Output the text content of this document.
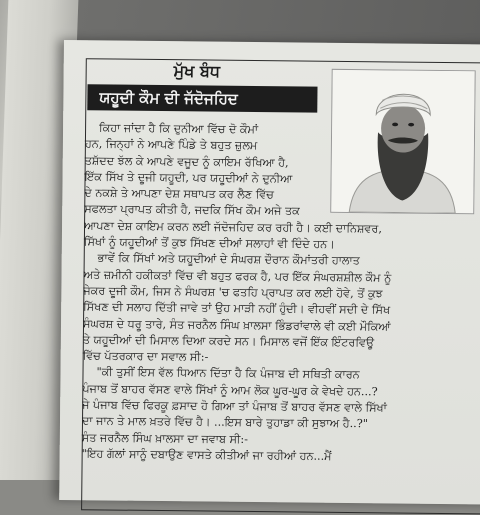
ਮੁੱਖ ਬੰਧ
ਯਹੂਦੀ ਕੌਮ ਦੀ ਜੱਦੋਜਹਿਦ

ਕਿਹਾ ਜਾਂਦਾ ਹੈ ਕਿ ਦੁਨੀਆ ਵਿੱਚ ਦੋ ਕੌਮਾਂ
ਹਨ, ਜਿਨ੍ਹਾਂ ਨੇ ਆਪਣੇ ਪਿੰਡੇ ਤੇ ਬਹੁਤ ਜ਼ੁਲਮ
ਤਸ਼ੱਦਦ ਝੱਲ ਕੇ ਆਪਣੇ ਵਜੂਦ ਨੂੰ ਕਾਇਮ ਰੱਖਿਆ ਹੈ,
ਇੱਕ ਸਿੱਖ ਤੇ ਦੂਜੀ ਯਹੂਦੀ, ਪਰ ਯਹੂਦੀਆਂ ਨੇ ਦੁਨੀਆ
ਦੇ ਨਕਸ਼ੇ ਤੇ ਆਪਣਾ ਦੇਸ਼ ਸਥਾਪਤ ਕਰ ਲੈਣ ਵਿੱਚ
ਸਫਲਤਾ ਪ੍ਰਾਪਤ ਕੀਤੀ ਹੈ, ਜਦਕਿ ਸਿੱਖ ਕੌਮ ਅਜੇ ਤਕ

ਆਪਣਾ ਦੇਸ਼ ਕਾਇਮ ਕਰਨ ਲਈ ਜੱਦੋਜਹਿਦ ਕਰ ਰਹੀ ਹੈ। ਕਈ ਦਾਨਿਸ਼ਵਰ,
ਸਿੱਖਾਂ ਨੂੰ ਯਹੂਦੀਆਂ ਤੋਂ ਕੁਝ ਸਿੱਖਣ ਦੀਆਂ ਸਲਾਹਾਂ ਵੀ ਦਿੰਦੇ ਹਨ।

ਭਾਵੇਂ ਕਿ ਸਿੱਖਾਂ ਅਤੇ ਯਹੂਦੀਆਂ ਦੇ ਸੰਘਰਸ਼ ਦੌਰਾਨ ਕੌਮਾਂਤਰੀ ਹਾਲਾਤ
ਅਤੇ ਜ਼ਮੀਨੀ ਹਕੀਕਤਾਂ ਵਿੱਚ ਵੀ ਬਹੁਤ ਫਰਕ ਹੈ, ਪਰ ਇੱਕ ਸੰਘਰਸ਼ਸ਼ੀਲ ਕੌਮ ਨੂੰ
ਜੇਕਰ ਦੂਜੀ ਕੌਮ, ਜਿਸ ਨੇ ਸੰਘਰਸ਼ 'ਚ ਫਤਹਿ ਪ੍ਰਾਪਤ ਕਰ ਲਈ ਹੋਵੇ, ਤੋਂ ਕੁਝ
ਸਿੱਖਣ ਦੀ ਸਲਾਹ ਦਿੱਤੀ ਜਾਵੇ ਤਾਂ ਉਹ ਮਾੜੀ ਨਹੀਂ ਹੁੰਦੀ। ਵੀਹਵੀਂ ਸਦੀ ਦੇ ਸਿੱਖ
ਸੰਘਰਸ਼ ਦੇ ਧਰੂ ਤਾਰੇ, ਸੰਤ ਜਰਨੈਲ ਸਿੰਘ ਖ਼ਾਲਸਾ ਭਿੰਡਰਾਂਵਾਲੇ ਵੀ ਕਈ ਮੌਕਿਆਂ
ਤੇ ਯਹੂਦੀਆਂ ਦੀ ਮਿਸਾਲ ਦਿਆ ਕਰਦੇ ਸਨ। ਮਿਸਾਲ ਵਜੋਂ ਇੱਕ ਇੰਟਰਵਿਊ
ਵਿੱਚ ਪੱਤਰਕਾਰ ਦਾ ਸਵਾਲ ਸੀ:-

"ਕੀ ਤੁਸੀਂ ਇਸ ਵੱਲ ਧਿਆਨ ਦਿੱਤਾ ਹੈ ਕਿ ਪੰਜਾਬ ਦੀ ਸਥਿਤੀ ਕਾਰਨ
ਪੰਜਾਬ ਤੋਂ ਬਾਹਰ ਵੱਸਣ ਵਾਲੇ ਸਿੱਖਾਂ ਨੂੰ ਆਮ ਲੋਕ ਘੂਰ-ਘੂਰ ਕੇ ਵੇਖਦੇ ਹਨ...?
ਜੇ ਪੰਜਾਬ ਵਿੱਚ ਫਿਰਕੂ ਫ਼ਸਾਦ ਹੋ ਗਿਆ ਤਾਂ ਪੰਜਾਬ ਤੋਂ ਬਾਹਰ ਵੱਸਣ ਵਾਲੇ ਸਿੱਖਾਂ
ਦਾ ਜਾਨ ਤੇ ਮਾਲ ਖ਼ਤਰੇ ਵਿੱਚ ਹੈ। ...ਇਸ ਬਾਰੇ ਤੁਹਾਡਾ ਕੀ ਸੁਝਾਅ ਹੈ..?"
ਸੰਤ ਜਰਨੈਲ ਸਿੰਘ ਖ਼ਾਲਸਾ ਦਾ ਜਵਾਬ ਸੀ:-
"ਇਹ ਗੱਲਾਂ ਸਾਨੂੰ ਦਬਾਉਣ ਵਾਸਤੇ ਕੀਤੀਆਂ ਜਾ ਰਹੀਆਂ ਹਨ...ਮੈਂ
